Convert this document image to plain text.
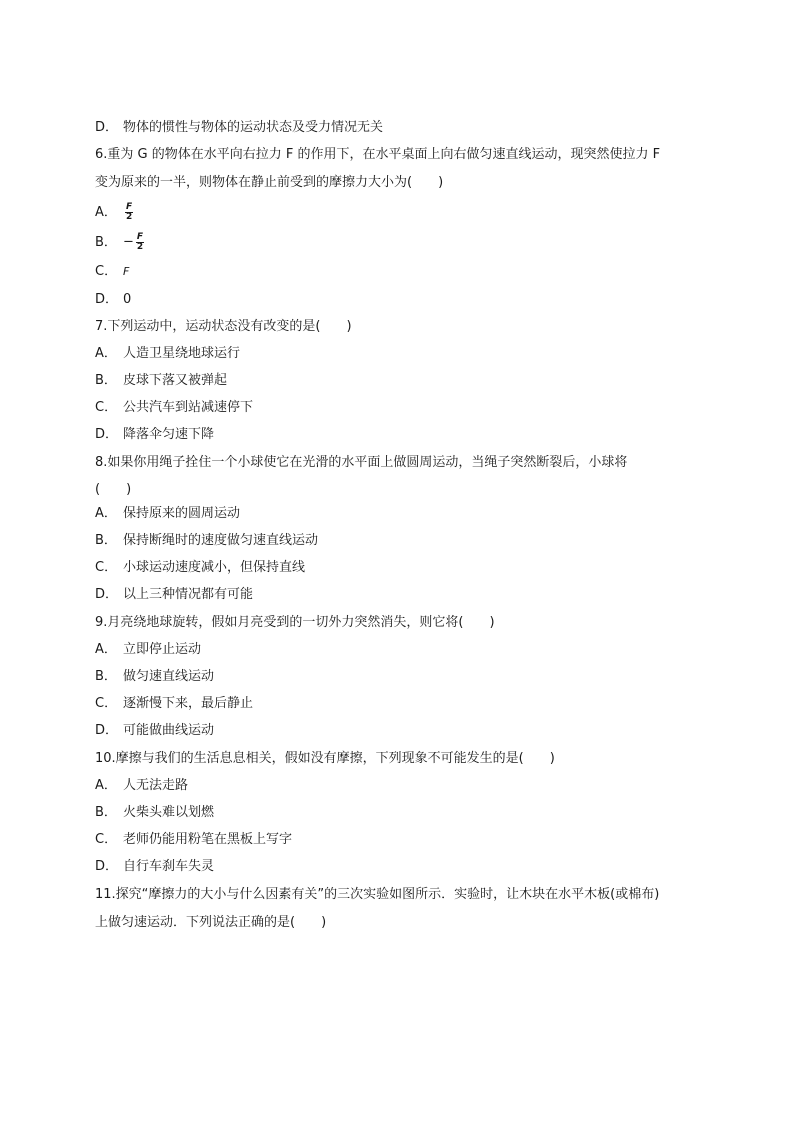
D． 物体的惯性与物体的运动状态及受力情况无关
6.重为 G 的物体在水平向右拉力 F 的作用下，在水平桌面上向右做匀速直线运动，现突然使拉力 F
变为原来的一半，则物体在静止前受到的摩擦力大小为(　　)
A． $\frac{F}{2}$
B． − $\frac{F}{2}$
C． F
D． 0
7.下列运动中，运动状态没有改变的是(　　)
A． 人造卫星绕地球运行
B． 皮球下落又被弹起
C． 公共汽车到站减速停下
D． 降落伞匀速下降
8.如果你用绳子拴住一个小球使它在光滑的水平面上做圆周运动，当绳子突然断裂后，小球将
(　　)
A． 保持原来的圆周运动
B． 保持断绳时的速度做匀速直线运动
C． 小球运动速度减小，但保持直线
D． 以上三种情况都有可能
9.月亮绕地球旋转，假如月亮受到的一切外力突然消失，则它将(　　)
A． 立即停止运动
B． 做匀速直线运动
C． 逐渐慢下来，最后静止
D． 可能做曲线运动
10.摩擦与我们的生活息息相关，假如没有摩擦，下列现象不可能发生的是(　　)
A． 人无法走路
B． 火柴头难以划燃
C． 老师仍能用粉笔在黑板上写字
D． 自行车刹车失灵
11.探究“摩擦力的大小与什么因素有关”的三次实验如图所示．实验时，让木块在水平木板(或棉布)
上做匀速运动．下列说法正确的是(　　)
